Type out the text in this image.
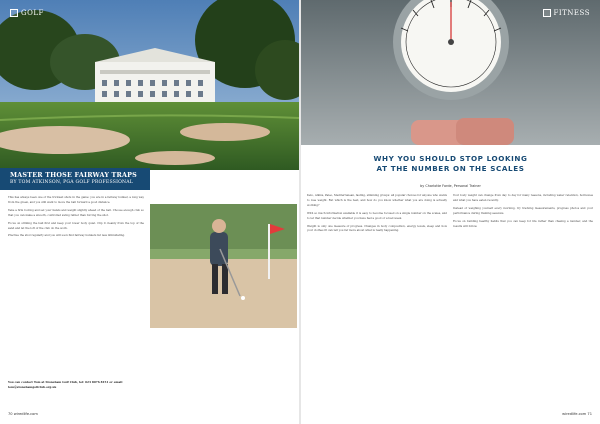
GOLF
MASTER THOSE FAIRWAY TRAPS
BY TOM ATKINSON, PGA GOLF PROFESSIONAL

This has always been one of the trickiest shots in the game: you are in a fairway bunker, a long way from the green, and you still want to move the ball forward a good distance.

Take a firm footing and set your hands and weight slightly ahead of the ball. Choose enough club so that you can make a smooth, controlled swing rather than forcing the shot.

Focus on striking the ball first and keep your lower body quiet. Clip it cleanly from the top of the sand and let the loft of the club do the work.

Practise the shot regularly and you will soon find fairway bunkers far less intimidating.

You can contact Tom at Stoneham Golf Club, tel: 023 8076 8151 or email tom@stonehamgolfclub.org.uk

70 wiredlife.com
FITNESS
WHY YOU SHOULD STOP LOOKING
AT THE NUMBER ON THE SCALES
by Charlotte Forde, Personal Trainer

Keto, Atkins, Paleo, Mediterranean, fasting, slimming groups: all popular choices for anyone who wants to lose weight. But which is the best, and how do you know whether what you are doing is actually working?

With so much information available it is easy to become focused on a single number on the scales, and to let that number decide whether you have had a good or a bad week.

Weight is only one measure of progress. Changes in body composition, energy levels, sleep and how your clothes fit can tell you far more about what is really happening.

Your body weight can change from day to day for many reasons, including water retention, hormones and what you have eaten recently.

Instead of weighing yourself every morning, try tracking measurements, progress photos and your performance during training sessions.

Focus on building healthy habits that you can keep for life rather than chasing a number, and the results will follow.

wiredlife.com 71
